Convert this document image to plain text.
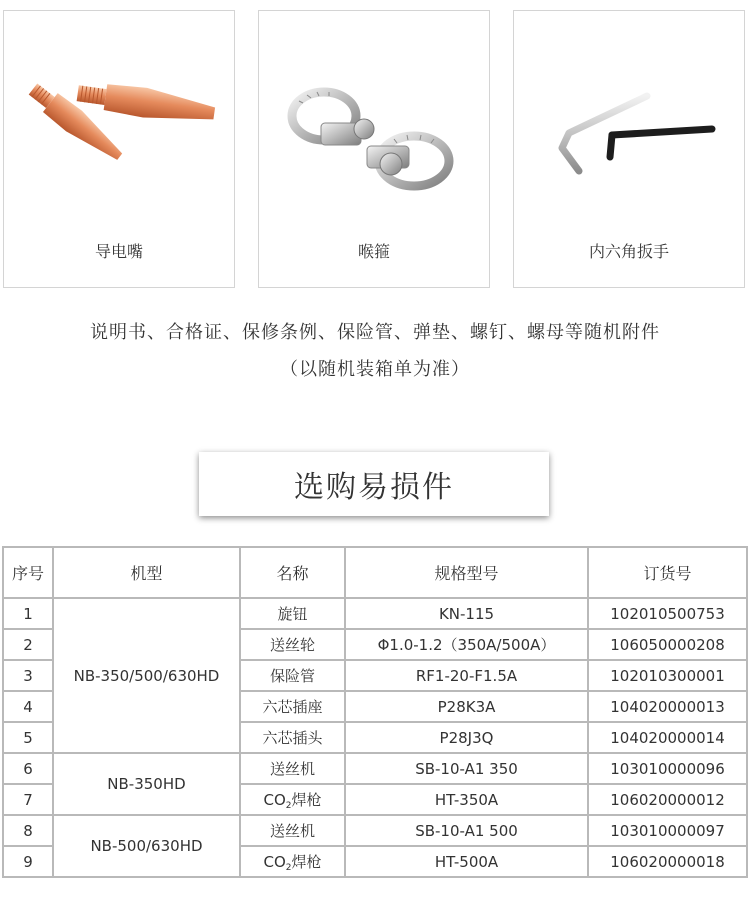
导电嘴	喉箍	内六角扳手
说明书、合格证、保修条例、保险管、弹垫、螺钉、螺母等随机附件
（以随机装箱单为准）
选购易损件
序号	机型	名称	规格型号	订货号
1	NB-350/500/630HD	旋钮	KN-115	102010500753
2		送丝轮	Φ1.0-1.2（350A/500A）	106050000208
3		保险管	RF1-20-F1.5A	102010300001
4		六芯插座	P28K3A	104020000013
5		六芯插头	P28J3Q	104020000014
6	NB-350HD	送丝机	SB-10-A1 350	103010000096
7		$CO_2$焊枪	HT-350A	106020000012
8	NB-500/630HD	送丝机	SB-10-A1 500	103010000097
9		$CO_2$焊枪	HT-500A	106020000018
